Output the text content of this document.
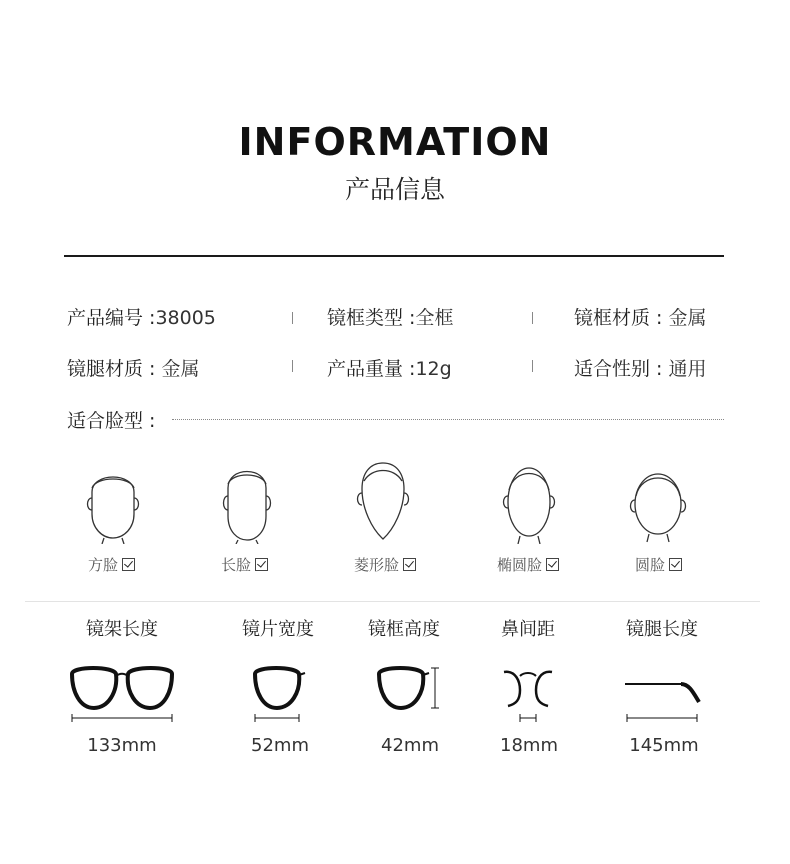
INFORMATION
产品信息
产品编号 :38005	镜框类型 :全框	镜框材质 : 金属
镜腿材质 : 金属	产品重量 :12g	适合性别 : 通用
适合脸型 :
方脸	长脸	菱形脸	椭圆脸	圆脸
镜架长度	镜片宽度	镜框高度	鼻间距	镜腿长度
133mm	52mm	42mm	18mm	145mm
